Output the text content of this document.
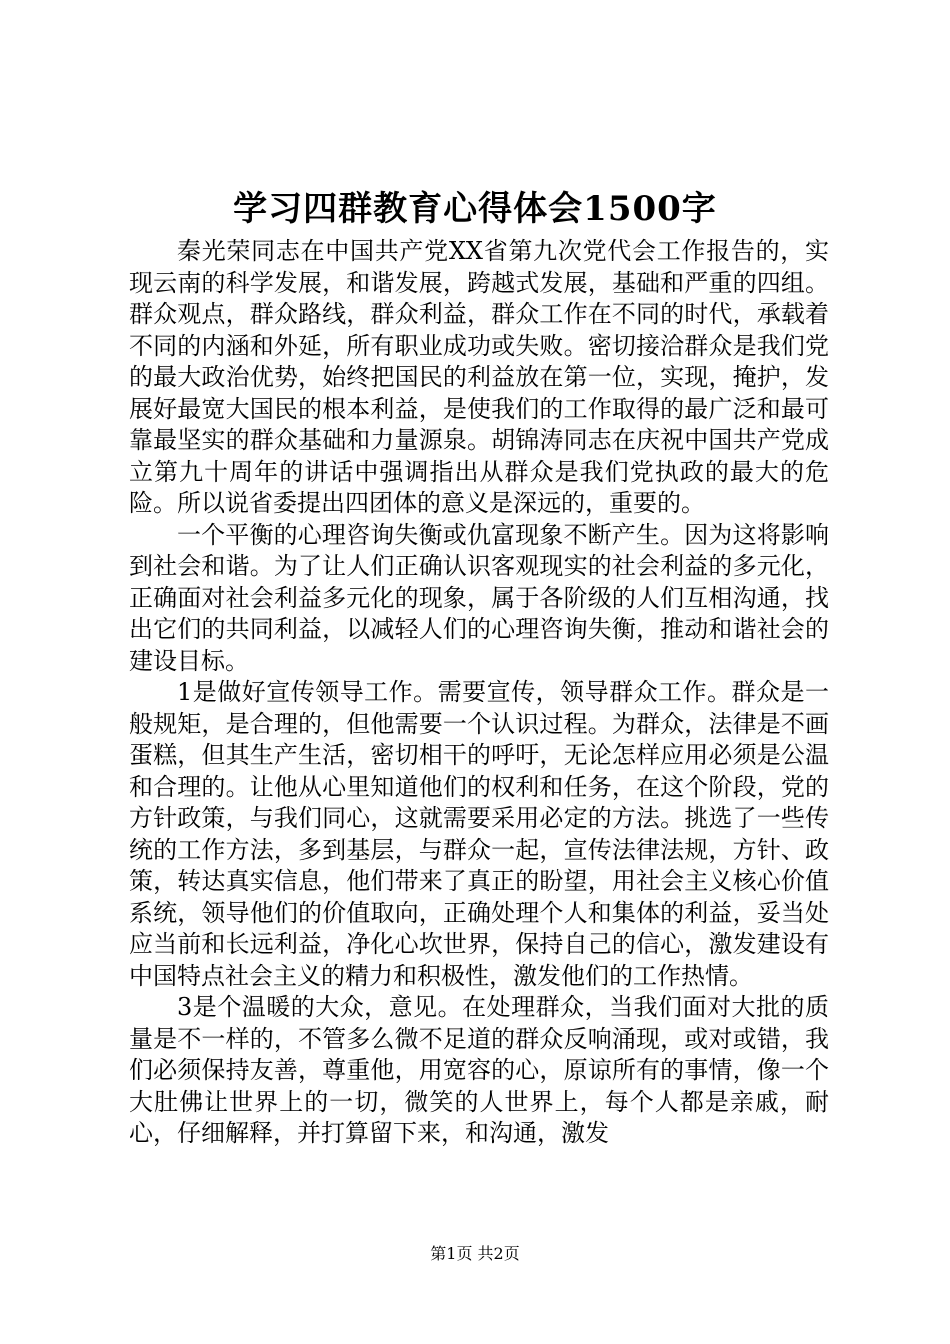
学习四群教育心得体会1500字

秦光荣同志在中国共产党XX省第九次党代会工作报告的，实现云南的科学发展，和谐发展，跨越式发展，基础和严重的四组。群众观点，群众路线，群众利益，群众工作在不同的时代，承载着不同的内涵和外延，所有职业成功或失败。密切接洽群众是我们党的最大政治优势，始终把国民的利益放在第一位，实现，掩护，发展好最宽大国民的根本利益，是使我们的工作取得的最广泛和最可靠最坚实的群众基础和力量源泉。胡锦涛同志在庆祝中国共产党成立第九十周年的讲话中强调指出从群众是我们党执政的最大的危险。所以说省委提出四团体的意义是深远的，重要的。

一个平衡的心理咨询失衡或仇富现象不断产生。因为这将影响到社会和谐。为了让人们正确认识客观现实的社会利益的多元化，正确面对社会利益多元化的现象，属于各阶级的人们互相沟通，找出它们的共同利益，以减轻人们的心理咨询失衡，推动和谐社会的建设目标。

1是做好宣传领导工作。需要宣传，领导群众工作。群众是一般规矩，是合理的，但他需要一个认识过程。为群众，法律是不画蛋糕，但其生产生活，密切相干的呼吁，无论怎样应用必须是公温和合理的。让他从心里知道他们的权利和任务，在这个阶段，党的方针政策，与我们同心，这就需要采用必定的方法。挑选了一些传统的工作方法，多到基层，与群众一起，宣传法律法规，方针、政策，转达真实信息，他们带来了真正的盼望，用社会主义核心价值系统，领导他们的价值取向，正确处理个人和集体的利益，妥当处应当前和长远利益，净化心坎世界，保持自己的信心，激发建设有中国特点社会主义的精力和积极性，激发他们的工作热情。

3是个温暖的大众，意见。在处理群众，当我们面对大批的质量是不一样的，不管多么微不足道的群众反响涌现，或对或错，我们必须保持友善，尊重他，用宽容的心，原谅所有的事情，像一个大肚佛让世界上的一切，微笑的人世界上，每个人都是亲戚，耐心，仔细解释，并打算留下来，和沟通，激发

第1页 共2页
